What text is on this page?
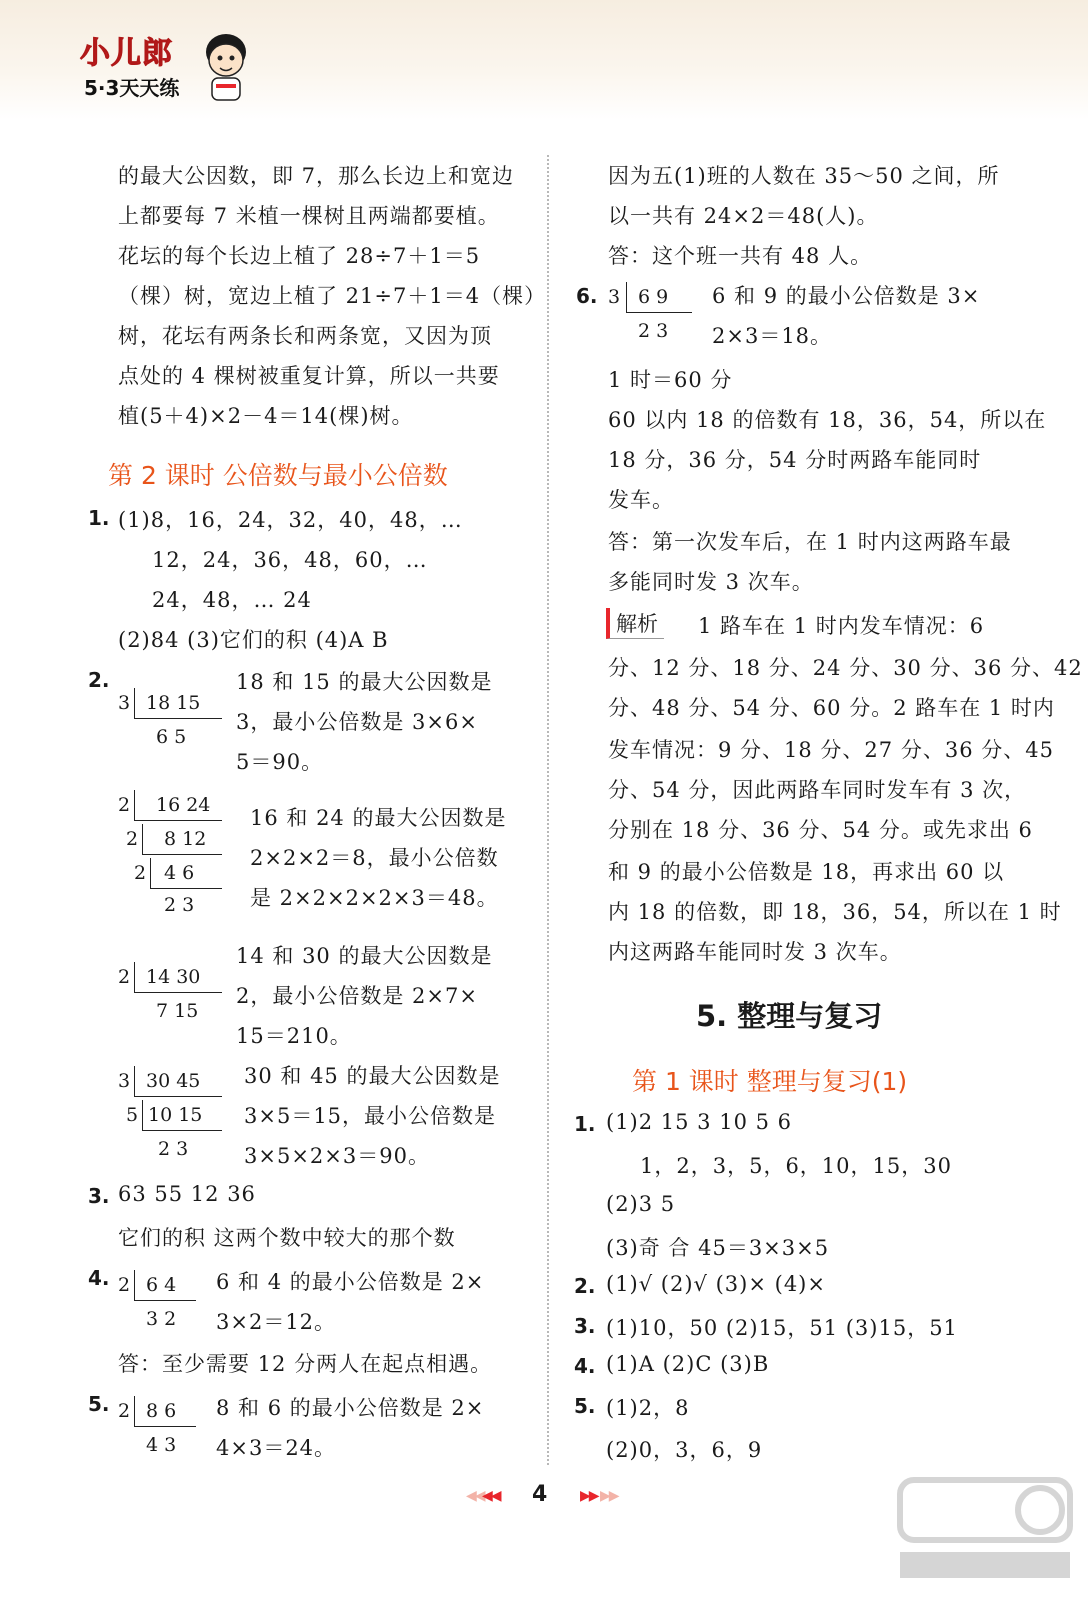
小儿郎
5·3天天练
的最大公因数，即 7，那么长边上和宽边
上都要每 7 米植一棵树且两端都要植。
花坛的每个长边上植了 28÷7＋1＝5
（棵）树，宽边上植了 21÷7＋1＝4（棵）
树，花坛有两条长和两条宽，又因为顶
点处的 4 棵树被重复计算，所以一共要
植(5＋4)×2－4＝14(棵)树。
第 2 课时 公倍数与最小公倍数
1. (1)8，16，24，32，40，48，…
12，24，36，48，60，…
24，48，… 24
(2)84 (3)它们的积 (4)A B
2.
3 18 15
6 5
18 和 15 的最大公因数是
3，最小公倍数是 3×6×
5＝90。
2 16 24
2 8 12
2 4 6
2 3
16 和 24 的最大公因数是
2×2×2＝8，最小公倍数
是 2×2×2×2×3＝48。
2 14 30
7 15
14 和 30 的最大公因数是
2，最小公倍数是 2×7×
15＝210。
3 30 45
5 10 15
2 3
30 和 45 的最大公因数是
3×5＝15，最小公倍数是
3×5×2×3＝90。
3. 63 55 12 36
它们的积 这两个数中较大的那个数
4. 2 6 4
3 2
6 和 4 的最小公倍数是 2×
3×2＝12。
答：至少需要 12 分两人在起点相遇。
5. 2 8 6
4 3
8 和 6 的最小公倍数是 2×
4×3＝24。
因为五(1)班的人数在 35～50 之间，所
以一共有 24×2＝48(人)。
答：这个班一共有 48 人。
6. 3 6 9
2 3
6 和 9 的最小公倍数是 3×
2×3＝18。
1 时＝60 分
60 以内 18 的倍数有 18，36，54，所以在
18 分，36 分，54 分时两路车能同时
发车。
答：第一次发车后，在 1 时内这两路车最
多能同时发 3 次车。
解析 1 路车在 1 时内发车情况：6
分、12 分、18 分、24 分、30 分、36 分、42
分、48 分、54 分、60 分。2 路车在 1 时内
发车情况：9 分、18 分、27 分、36 分、45
分、54 分，因此两路车同时发车有 3 次，
分别在 18 分、36 分、54 分。或先求出 6
和 9 的最小公倍数是 18，再求出 60 以
内 18 的倍数，即 18，36，54，所以在 1 时
内这两路车能同时发 3 次车。
5. 整理与复习
第 1 课时 整理与复习(1)
1. (1)2 15 3 10 5 6
1，2，3，5，6，10，15，30
(2)3 5
(3)奇 合 45＝3×3×5
2. (1)√ (2)√ (3)× (4)×
3. (1)10，50 (2)15，51 (3)15，51
4. (1)A (2)C (3)B
5. (1)2，8
(2)0，3，6，9
◀◀
◀◀ 4 ▶▶ ▶▶
